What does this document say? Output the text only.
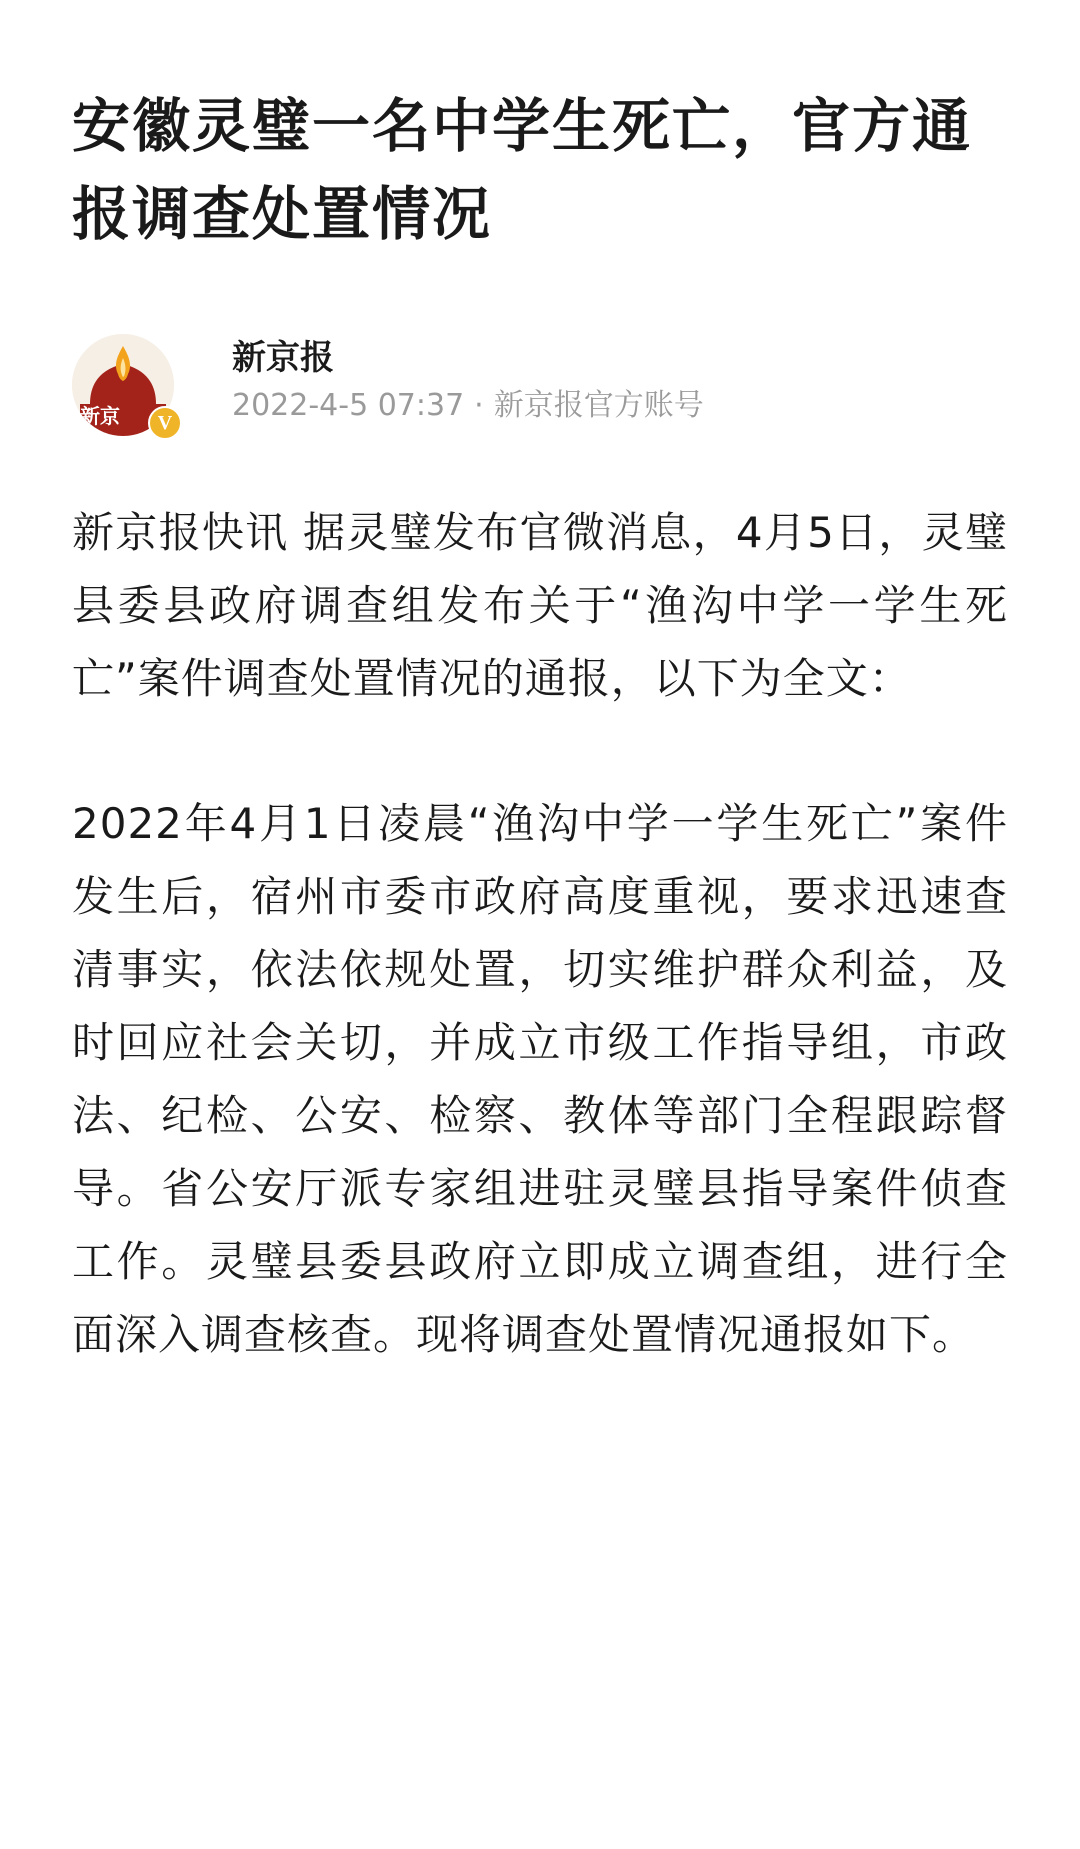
安徽灵璧一名中学生死亡，官方通报调查处置情况
新京	V
新京报
2022-4-5 07:37 · 新京报官方账号

新京报快讯 据灵璧发布官微消息，4月5日，灵璧县委县政府调查组发布关于“渔沟中学一学生死亡”案件调查处置情况的通报，以下为全文：

2022年4月1日凌晨“渔沟中学一学生死亡”案件发生后，宿州市委市政府高度重视，要求迅速查清事实，依法依规处置，切实维护群众利益，及时回应社会关切，并成立市级工作指导组，市政法、纪检、公安、检察、教体等部门全程跟踪督导。省公安厅派专家组进驻灵璧县指导案件侦查工作。灵璧县委县政府立即成立调查组，进行全面深入调查核查。现将调查处置情况通报如下。
